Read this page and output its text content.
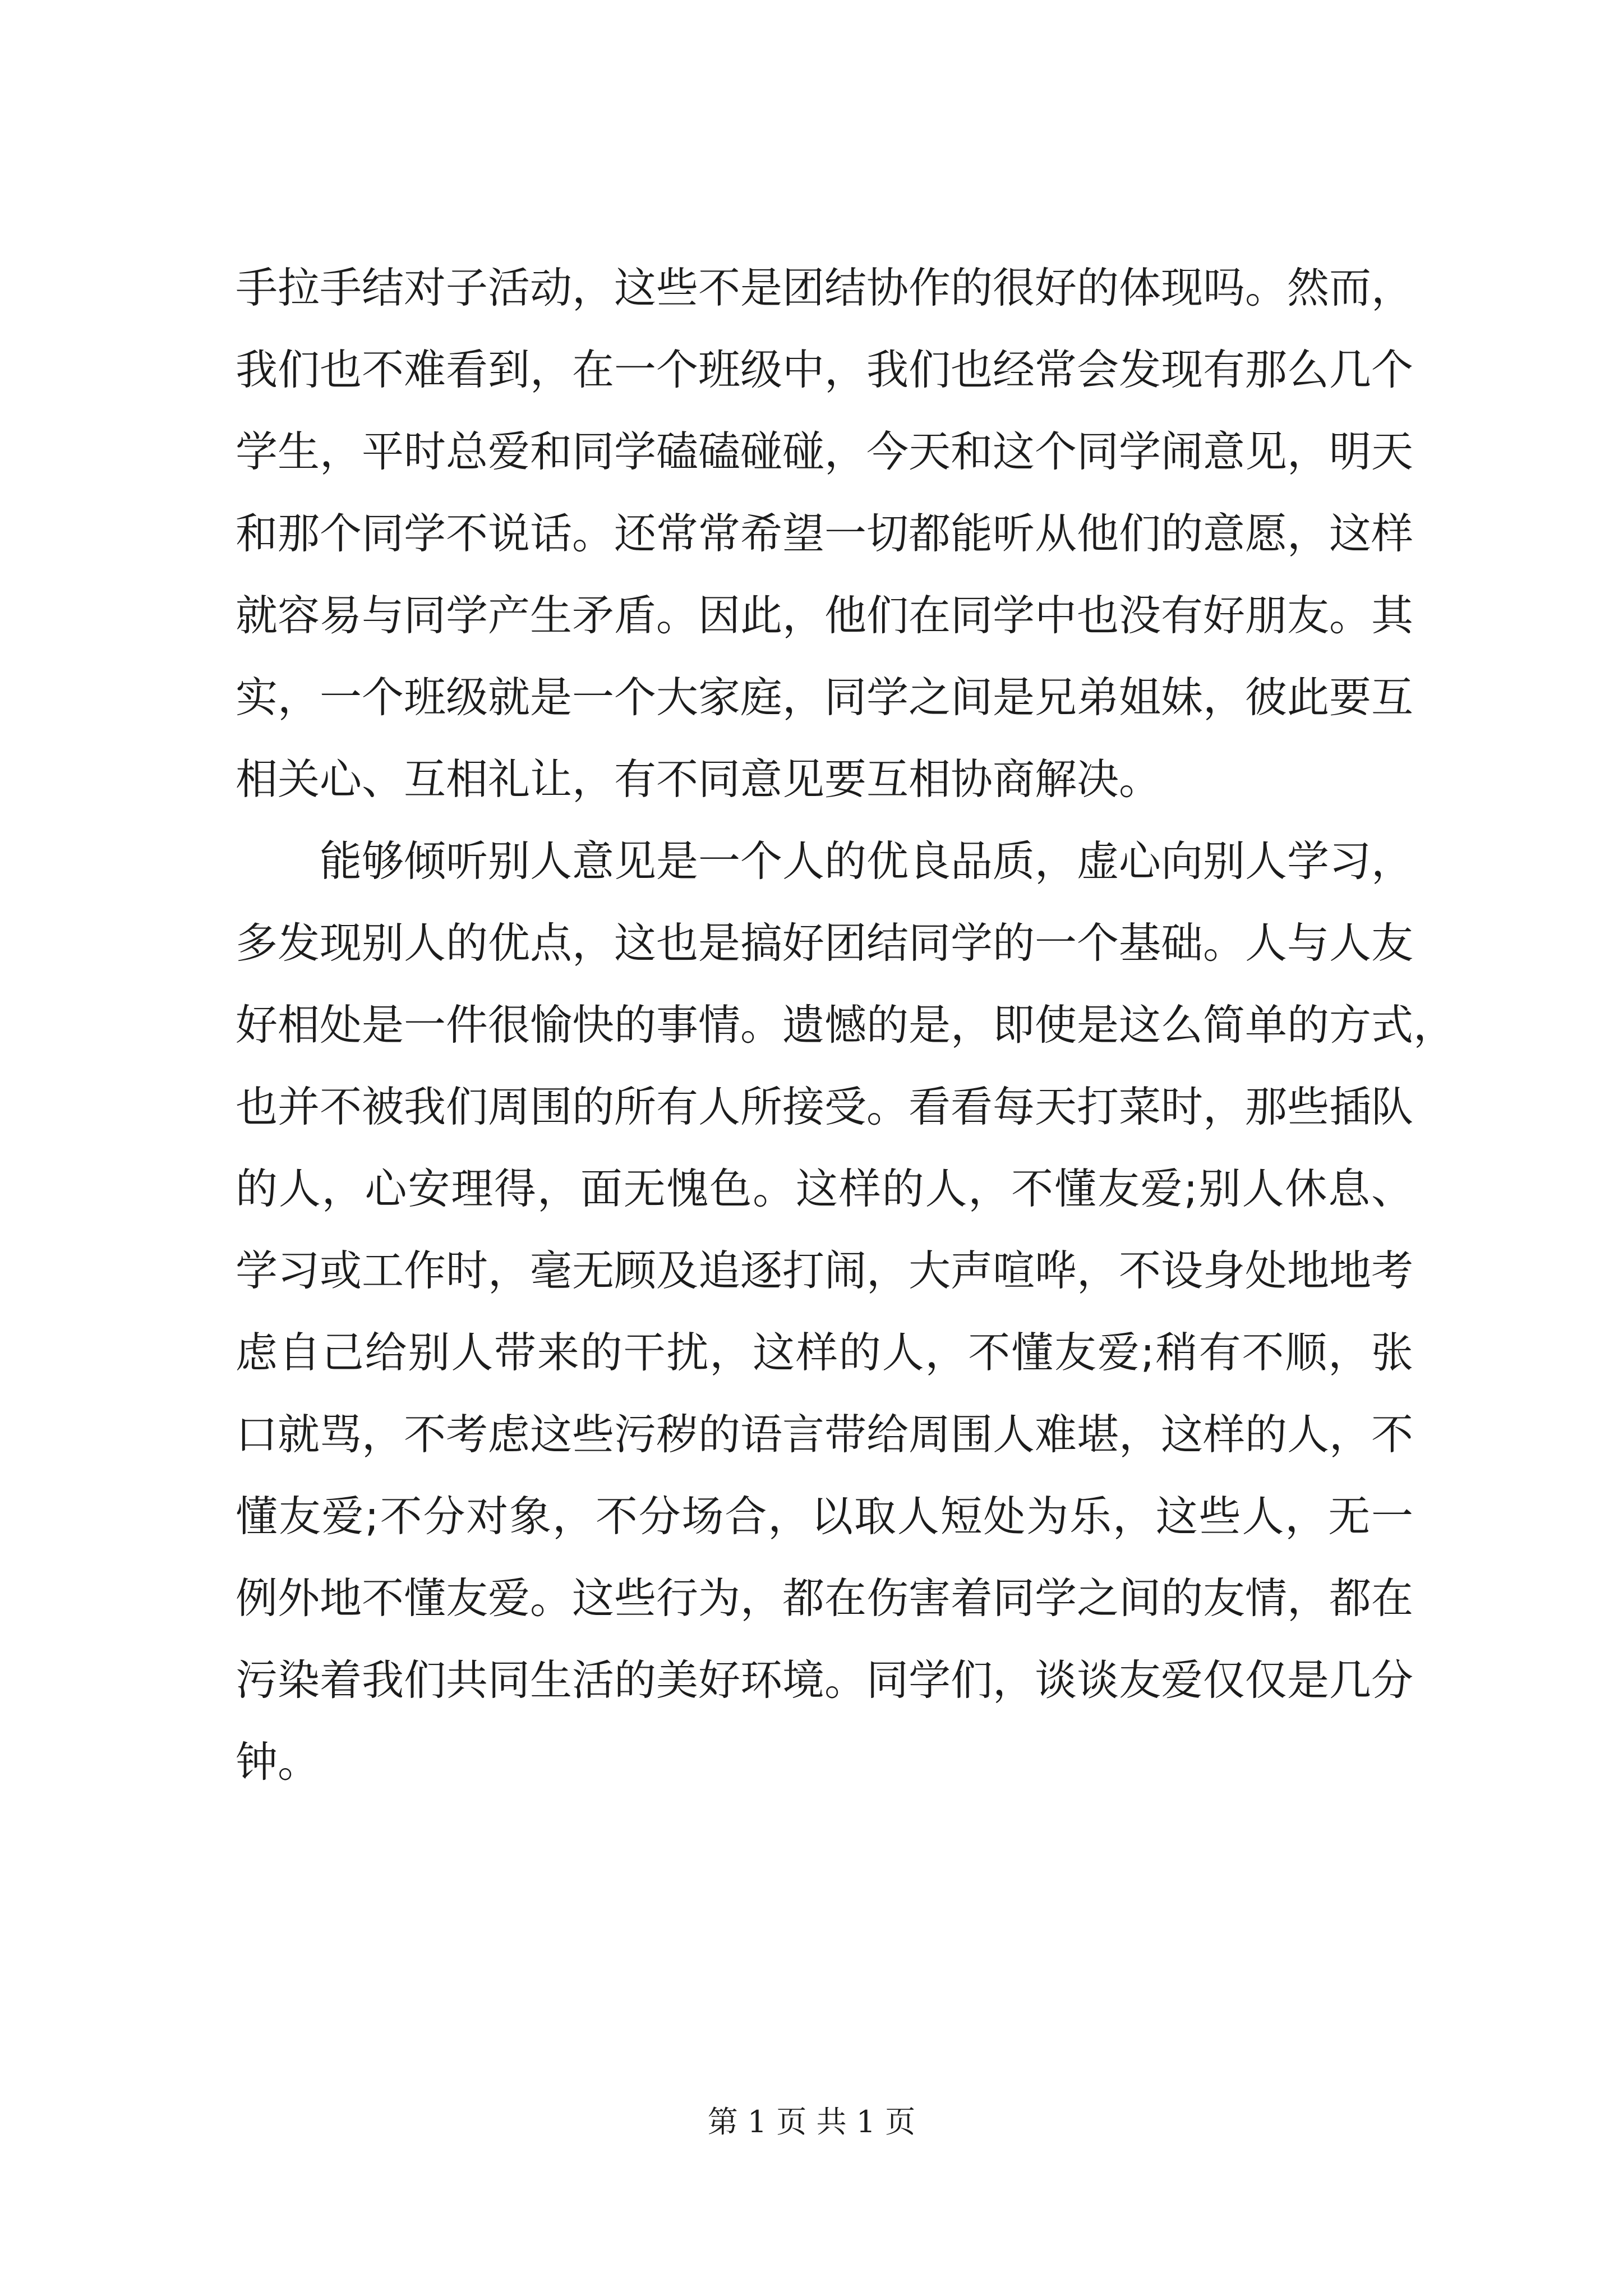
手拉手结对子活动，这些不是团结协作的很好的体现吗。然而，
我们也不难看到，在一个班级中，我们也经常会发现有那么几个
学生，平时总爱和同学磕磕碰碰，今天和这个同学闹意见，明天
和那个同学不说话。还常常希望一切都能听从他们的意愿，这样
就容易与同学产生矛盾。因此，他们在同学中也没有好朋友。其
实，一个班级就是一个大家庭，同学之间是兄弟姐妹，彼此要互
相关心、互相礼让，有不同意见要互相协商解决。
能够倾听别人意见是一个人的优良品质，虚心向别人学习，
多发现别人的优点，这也是搞好团结同学的一个基础。人与人友
好相处是一件很愉快的事情。遗憾的是，即使是这么简单的方式，
也并不被我们周围的所有人所接受。看看每天打菜时，那些插队
的人，心安理得，面无愧色。这样的人，不懂友爱;别人休息、
学习或工作时，毫无顾及追逐打闹，大声喧哗，不设身处地地考
虑自己给别人带来的干扰，这样的人，不懂友爱;稍有不顺，张
口就骂，不考虑这些污秽的语言带给周围人难堪，这样的人，不
懂友爱;不分对象，不分场合，以取人短处为乐，这些人，无一
例外地不懂友爱。这些行为，都在伤害着同学之间的友情，都在
污染着我们共同生活的美好环境。同学们，谈谈友爱仅仅是几分
钟。
第 1 页 共 1 页
